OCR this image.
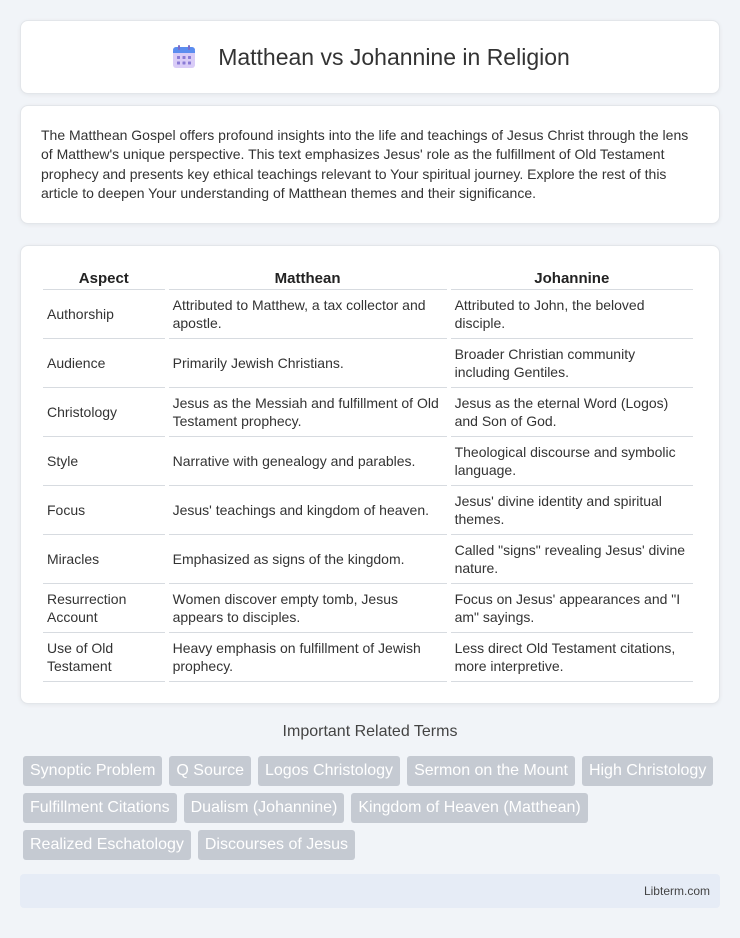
Matthean vs Johannine in Religion

The Matthean Gospel offers profound insights into the life and teachings of Jesus Christ through the lens of Matthew's unique perspective. This text emphasizes Jesus' role as the fulfillment of Old Testament prophecy and presents key ethical teachings relevant to Your spiritual journey. Explore the rest of this article to deepen Your understanding of Matthean themes and their significance.

Aspect	Matthean	Johannine
Authorship	Attributed to Matthew, a tax collector and apostle.	Attributed to John, the beloved disciple.
Audience	Primarily Jewish Christians.	Broader Christian community including Gentiles.
Christology	Jesus as the Messiah and fulfillment of Old Testament prophecy.	Jesus as the eternal Word (Logos) and Son of God.
Style	Narrative with genealogy and parables.	Theological discourse and symbolic language.
Focus	Jesus' teachings and kingdom of heaven.	Jesus' divine identity and spiritual themes.
Miracles	Emphasized as signs of the kingdom.	Called "signs" revealing Jesus' divine nature.
Resurrection Account	Women discover empty tomb, Jesus appears to disciples.	Focus on Jesus' appearances and "I am" sayings.
Use of Old Testament	Heavy emphasis on fulfillment of Jewish prophecy.	Less direct Old Testament citations, more interpretive.
Important Related Terms
Synoptic Problem	Q Source	Logos Christology	Sermon on the Mount	High Christology
Fulfillment Citations	Dualism (Johannine)	Kingdom of Heaven (Matthean)
Realized Eschatology	Discourses of Jesus
Libterm.com
